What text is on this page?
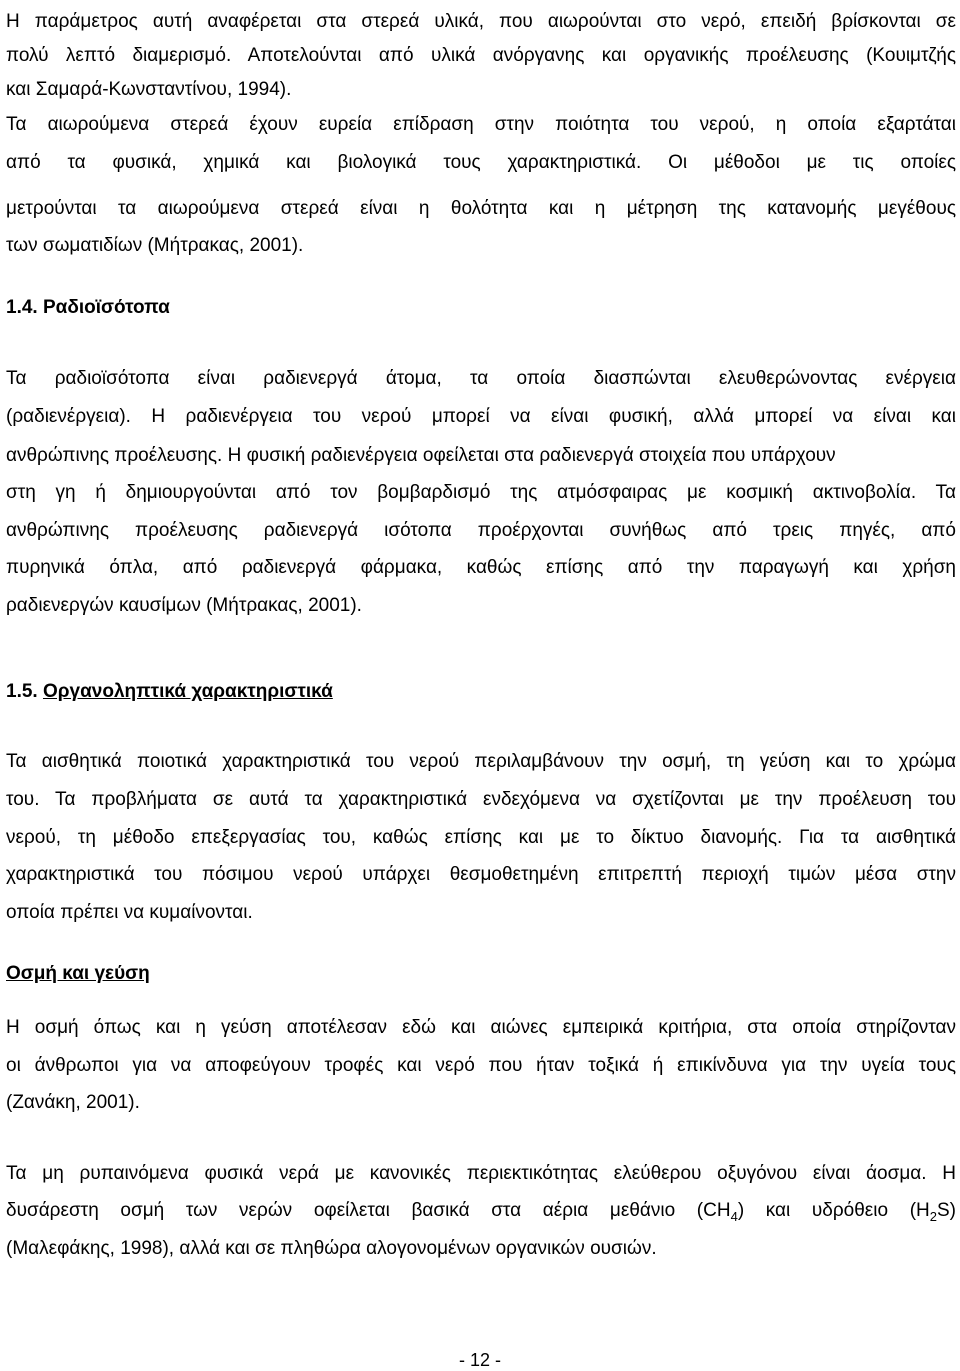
Η παράμετρος αυτή αναφέρεται στα στερεά υλικά, που αιωρούνται στο νερό, επειδή βρίσκονται σε
πολύ λεπτό διαμερισμό. Αποτελούνται από υλικά ανόργανης και οργανικής προέλευσης (Κουιμτζής
και Σαμαρά-Κωνσταντίνου, 1994).
Τα αιωρούμενα στερεά έχουν ευρεία επίδραση στην ποιότητα του νερού, η οποία εξαρτάται
από τα φυσικά, χημικά και βιολογικά τους χαρακτηριστικά. Οι μέθοδοι με τις οποίες
μετρούνται τα αιωρούμενα στερεά είναι η θολότητα και η μέτρηση της κατανομής μεγέθους
των σωματιδίων (Μήτρακας, 2001).
1.4. Ραδιοϊσότοπα
Τα ραδιοϊσότοπα είναι ραδιενεργά άτομα, τα οποία διασπώνται ελευθερώνοντας ενέργεια
(ραδιενέργεια). Η ραδιενέργεια του νερού μπορεί να είναι φυσική, αλλά μπορεί να είναι και
ανθρώπινης προέλευσης. Η φυσική ραδιενέργεια οφείλεται στα ραδιενεργά στοιχεία που υπάρχουν
στη γη ή δημιουργούνται από τον βομβαρδισμό της ατμόσφαιρας με κοσμική ακτινοβολία. Τα
ανθρώπινης προέλευσης ραδιενεργά ισότοπα προέρχονται συνήθως από τρεις πηγές, από
πυρηνικά όπλα, από ραδιενεργά φάρμακα, καθώς επίσης από την παραγωγή και χρήση
ραδιενεργών καυσίμων (Μήτρακας, 2001).
1.5. Οργανοληπτικά χαρακτηριστικά
Τα αισθητικά ποιοτικά χαρακτηριστικά του νερού περιλαμβάνουν την οσμή, τη γεύση και το χρώμα
του. Τα προβλήματα σε αυτά τα χαρακτηριστικά ενδεχόμενα να σχετίζονται με την προέλευση του
νερού, τη μέθοδο επεξεργασίας του, καθώς επίσης και με το δίκτυο διανομής. Για τα αισθητικά
χαρακτηριστικά του πόσιμου νερού υπάρχει θεσμοθετημένη επιτρεπτή περιοχή τιμών μέσα στην
οποία πρέπει να κυμαίνονται.
Οσμή και γεύση
Η οσμή όπως και η γεύση αποτέλεσαν εδώ και αιώνες εμπειρικά κριτήρια, στα οποία στηρίζονταν
οι άνθρωποι για να αποφεύγουν τροφές και νερό που ήταν τοξικά ή επικίνδυνα για την υγεία τους
(Ζανάκη, 2001).
Τα μη ρυπαινόμενα φυσικά νερά με κανονικές περιεκτικότητας ελεύθερου οξυγόνου είναι άοσμα. Η
δυσάρεστη οσμή των νερών οφείλεται βασικά στα αέρια μεθάνιο $(CH_4)$ και υδρόθειο $(H_2S)$
(Μαλεφάκης, 1998), αλλά και σε πληθώρα αλογονομένων οργανικών ουσιών.
- 12 -
